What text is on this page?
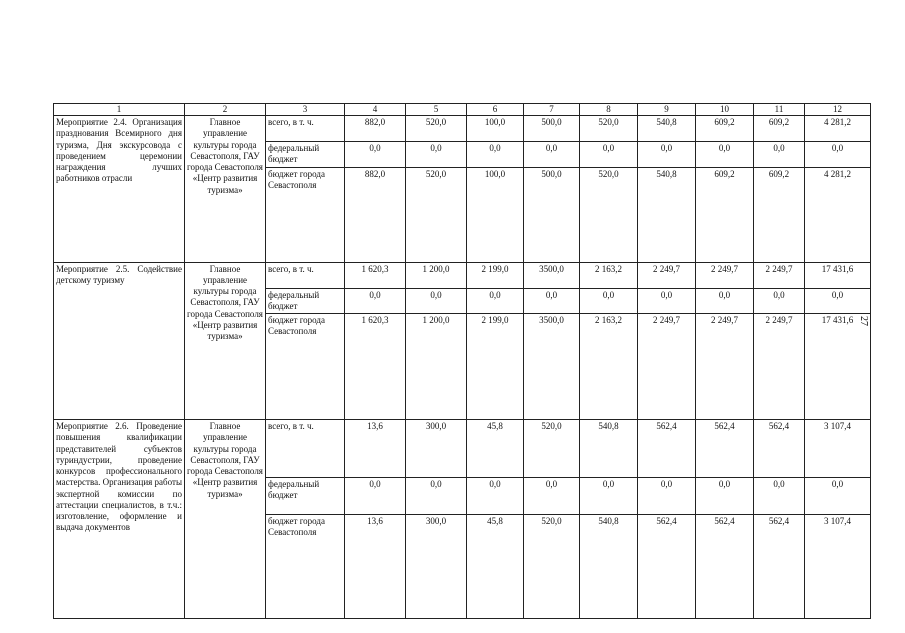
1	2	3	4	5	6	7	8	9	10	11	12
Мероприятие 2.4. Организация празднования Всемирного дня туризма, Дня экскурсовода с проведением церемонии награждения лучших работников отрасли	Главное управление культуры города Севастополя, ГАУ города Севастополя «Центр развития туризма»	всего, в т. ч.	882,0	520,0	100,0	500,0	520,0	540,8	609,2	609,2	4 281,2
		федеральный бюджет	0,0	0,0	0,0	0,0	0,0	0,0	0,0	0,0	0,0
		бюджет города Севастополя	882,0	520,0	100,0	500,0	520,0	540,8	609,2	609,2	4 281,2
Мероприятие 2.5. Содействие детскому туризму	Главное управление культуры города Севастополя, ГАУ города Севастополя «Центр развития туризма»	всего, в т. ч.	1 620,3	1 200,0	2 199,0	3500,0	2 163,2	2 249,7	2 249,7	2 249,7	17 431,6
		федеральный бюджет	0,0	0,0	0,0	0,0	0,0	0,0	0,0	0,0	0,0
		бюджет города Севастополя	1 620,3	1 200,0	2 199,0	3500,0	2 163,2	2 249,7	2 249,7	2 249,7	17 431,6
Мероприятие 2.6. Проведение повышения квалификации представителей субъектов туриндустрии, проведение конкурсов профессионального мастерства. Организация работы экспертной комиссии по аттестации специалистов, в т.ч.: изготовление, оформление и выдача документов	Главное управление культуры города Севастополя, ГАУ города Севастополя «Центр развития туризма»	всего, в т. ч.	13,6	300,0	45,8	520,0	540,8	562,4	562,4	562,4	3 107,4
		федеральный бюджет	0,0	0,0	0,0	0,0	0,0	0,0	0,0	0,0	0,0
		бюджет города Севастополя	13,6	300,0	45,8	520,0	540,8	562,4	562,4	562,4	3 107,4
27
